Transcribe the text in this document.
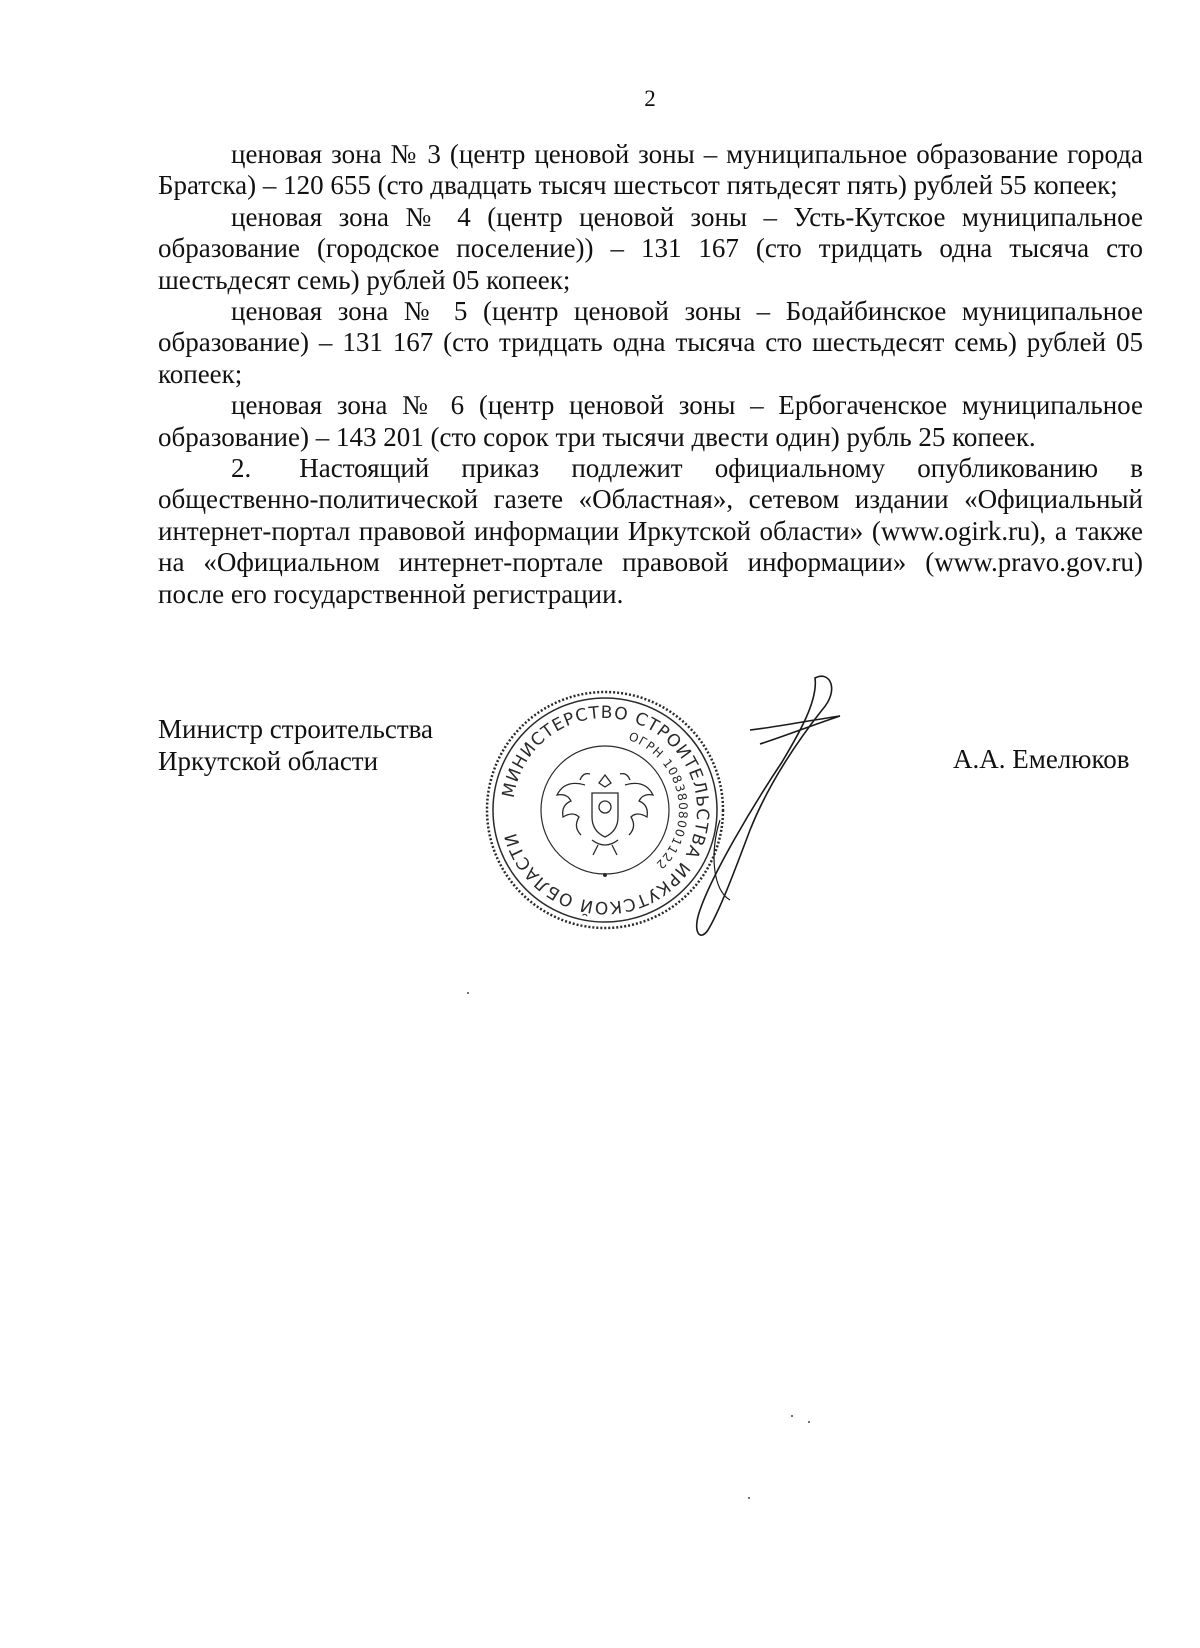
2

ценовая зона № 3 (центр ценовой зоны – муниципальное образование города Братска) – 120 655 (сто двадцать тысяч шестьсот пятьдесят пять) рублей 55 копеек;

ценовая зона № 4 (центр ценовой зоны – Усть-Кутское муниципальное образование (городское поселение)) – 131 167 (сто тридцать одна тысяча сто шестьдесят семь) рублей 05 копеек;

ценовая зона № 5 (центр ценовой зоны – Бодайбинское муниципальное образование) – 131 167 (сто тридцать одна тысяча сто шестьдесят семь) рублей 05 копеек;

ценовая зона № 6 (центр ценовой зоны – Ербогаченское муниципальное образование) – 143 201 (сто сорок три тысячи двести один) рубль 25 копеек.

2. Настоящий приказ подлежит официальному опубликованию в общественно-политической газете «Областная», сетевом издании «Официальный интернет-портал правовой информации Иркутской области» (www.ogirk.ru), а также на «Официальном интернет-портале правовой информации» (www.pravo.gov.ru) после его государственной регистрации.

Министр строительства
Иркутской области	А.А. Емелюков
МИНИСТЕРСТВО СТРОИТЕЛЬСТВА ИРКУТСКОЙ ОБЛАСТИ
ОГРН 1083808001122
